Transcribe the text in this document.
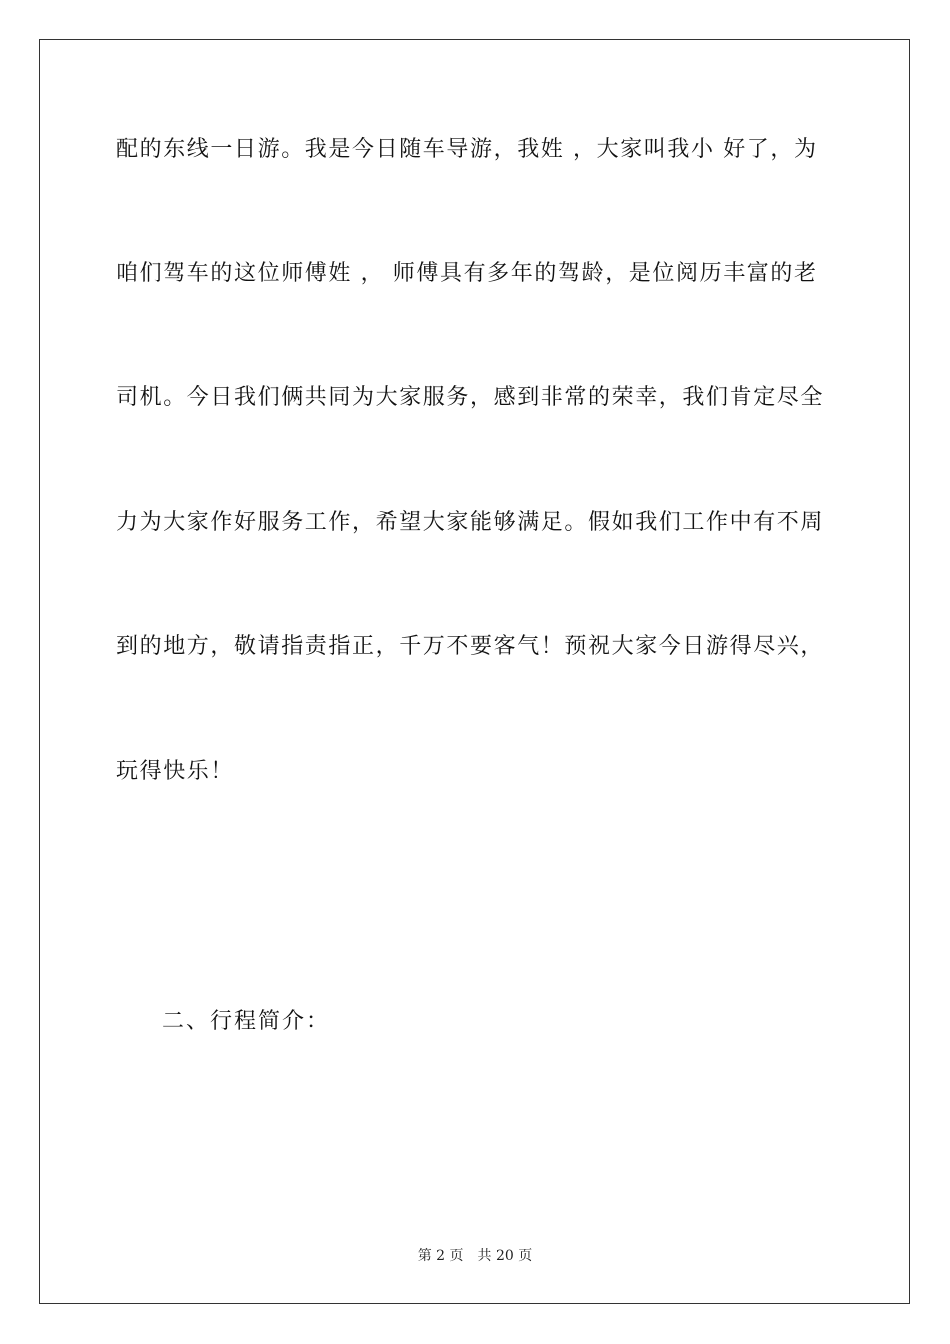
配的东线一日游。我是今日随车导游，我姓 ，大家叫我小 好了，为
咱们驾车的这位师傅姓 ， 师傅具有多年的驾龄，是位阅历丰富的老
司机。今日我们俩共同为大家服务，感到非常的荣幸，我们肯定尽全
力为大家作好服务工作，希望大家能够满足。假如我们工作中有不周
到的地方，敬请指责指正，千万不要客气！预祝大家今日游得尽兴，
玩得快乐！
二、行程简介：
第 2 页 共 20 页
